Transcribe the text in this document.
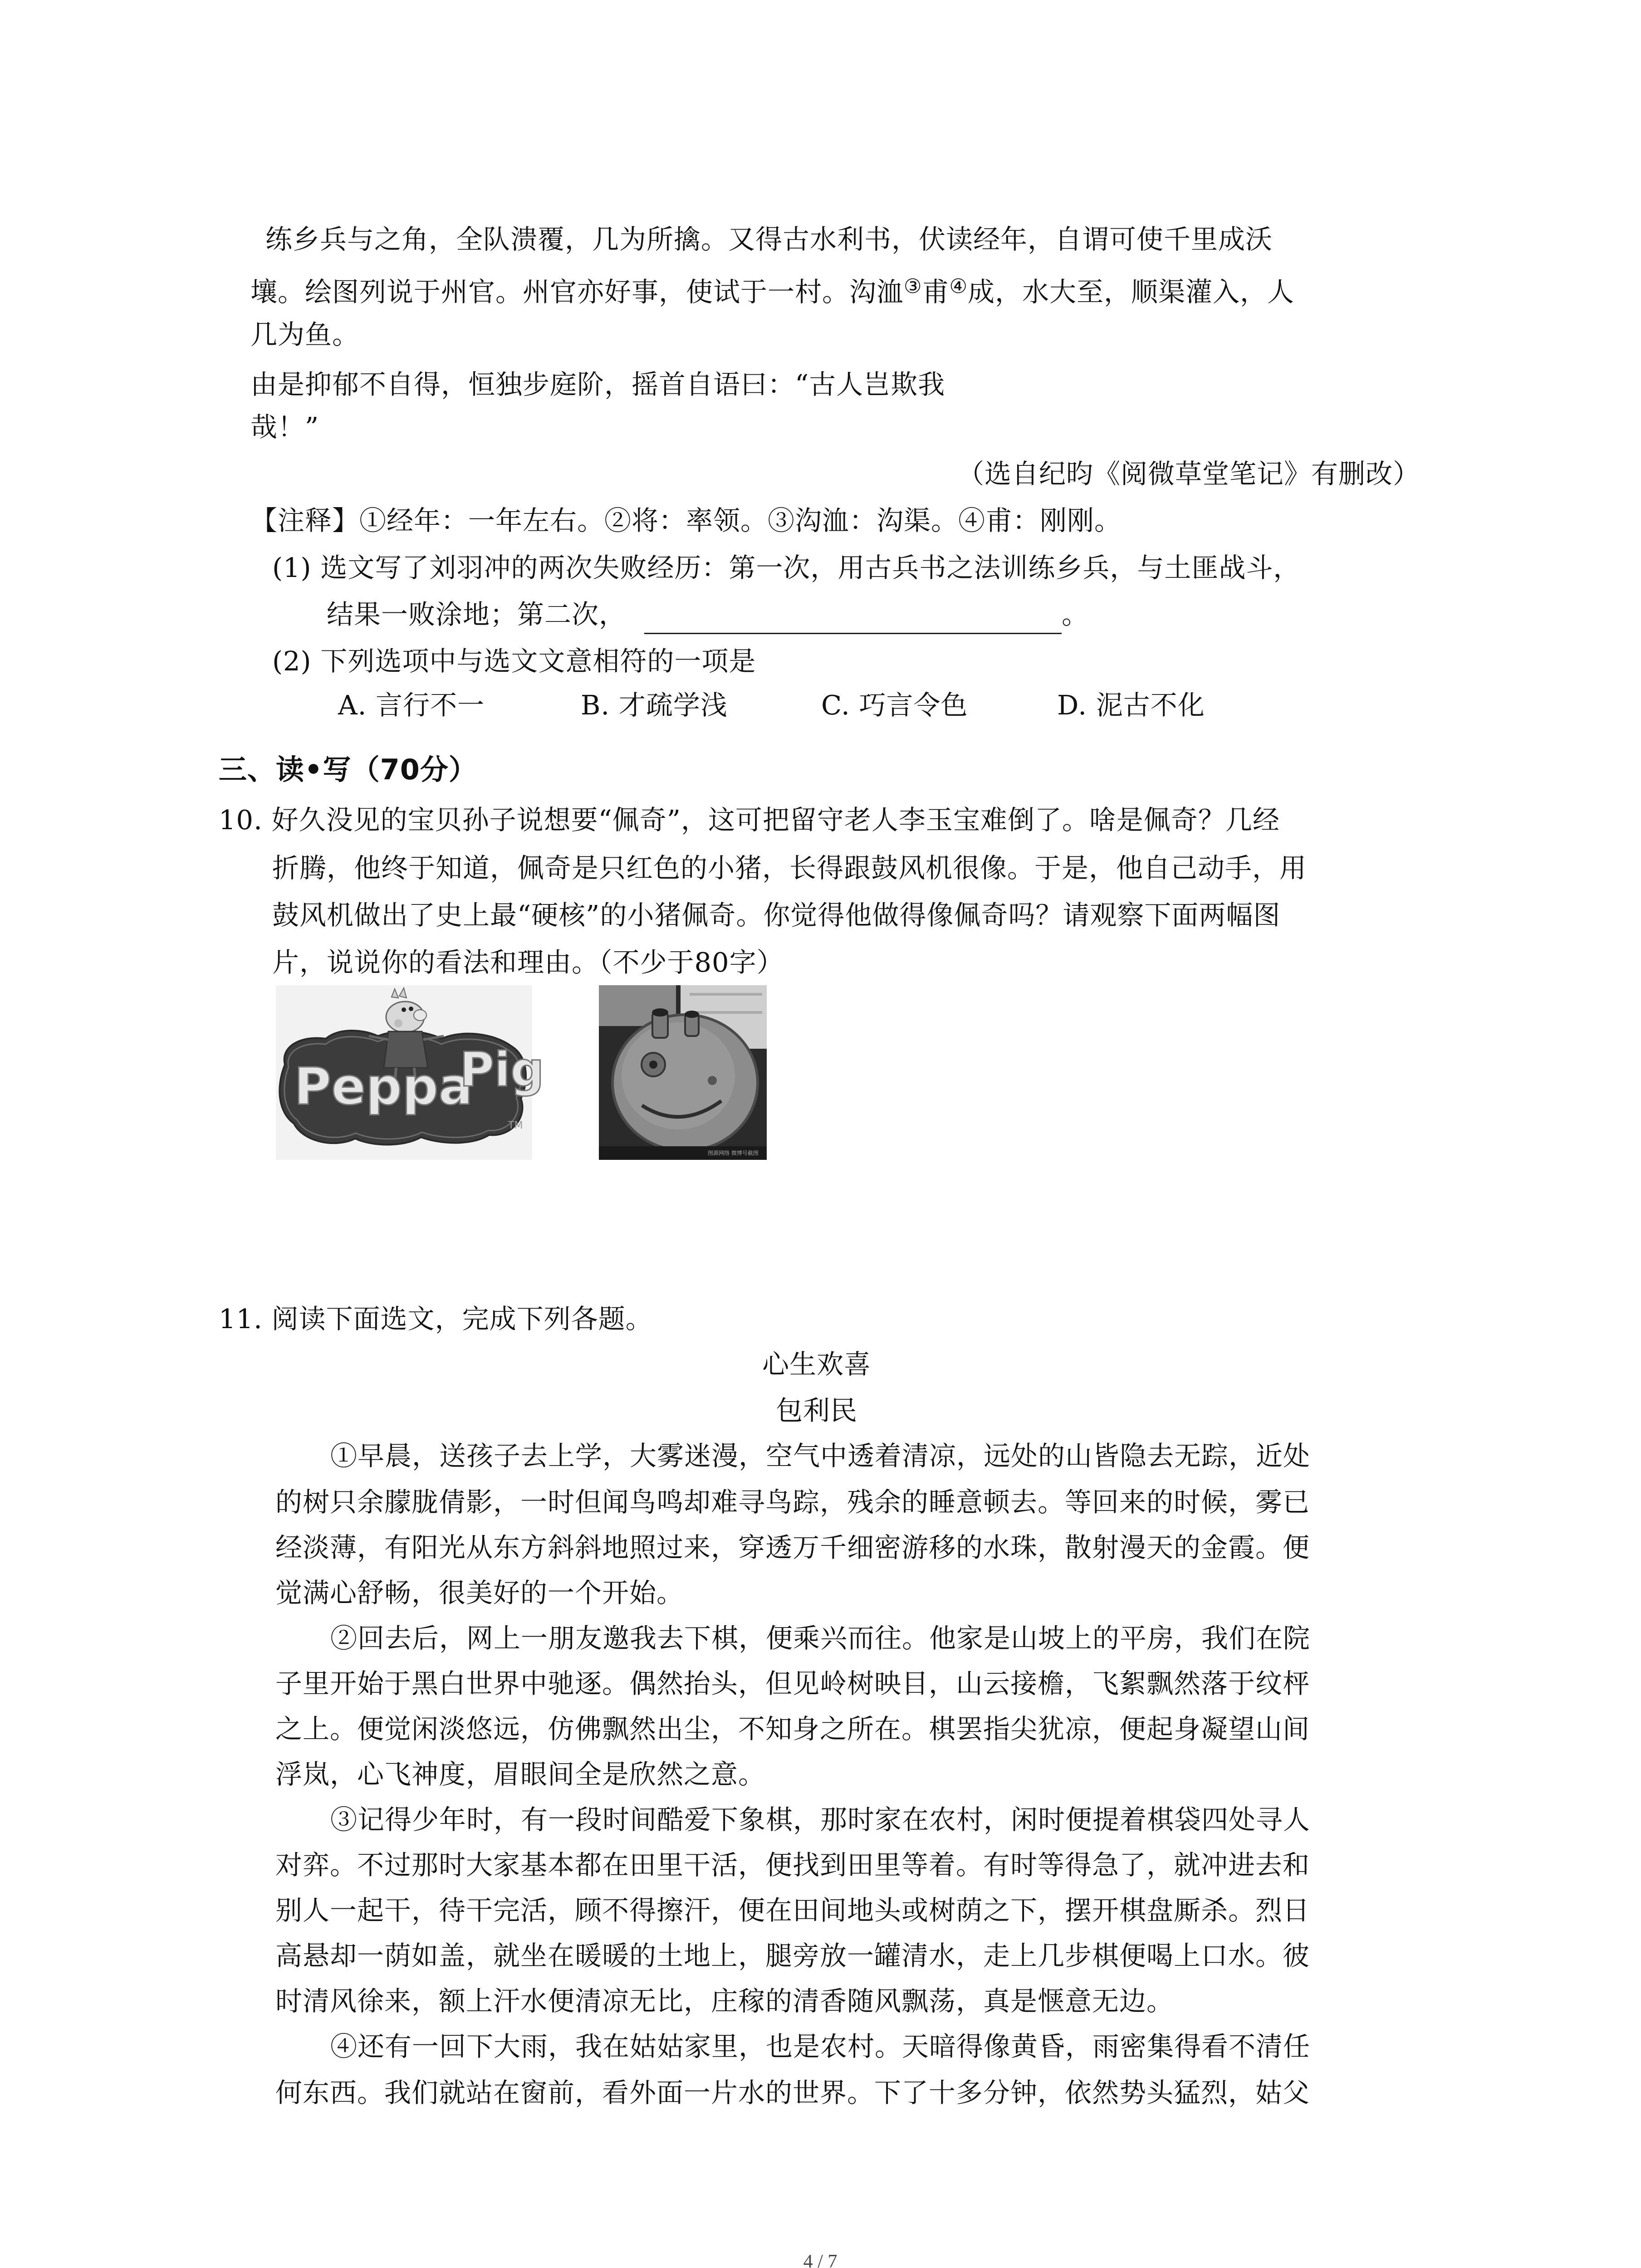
练乡兵与之角，全队溃覆，几为所擒。又得古水利书，伏读经年，自谓可使千里成沃
壤。绘图列说于州官。州官亦好事，使试于一村。沟洫③甫④成，水大至，顺渠灌入，人
几为鱼。
由是抑郁不自得，恒独步庭阶，摇首自语曰：“古人岂欺我
哉！”
（选自纪昀《阅微草堂笔记》有删改）
【注释】①经年：一年左右。②将：率领。③沟洫：沟渠。④甫：刚刚。
(1) 选文写了刘羽冲的两次失败经历：第一次，用古兵书之法训练乡兵，与土匪战斗，
结果一败涂地；第二次，	。
(2) 下列选项中与选文文意相符的一项是
A. 言行不一	B. 才疏学浅	C. 巧言令色	D. 泥古不化
三、读•写（70分）
10. 好久没见的宝贝孙子说想要“佩奇”，这可把留守老人李玉宝难倒了。啥是佩奇？几经
折腾，他终于知道，佩奇是只红色的小猪，长得跟鼓风机很像。于是，他自己动手，用
鼓风机做出了史上最“硬核”的小猪佩奇。你觉得他做得像佩奇吗？请观察下面两幅图
片，说说你的看法和理由。（不少于80字）
Peppa
Pig
TM
图源网络 微博号截图
11. 阅读下面选文，完成下列各题。
心生欢喜
包利民
①早晨，送孩子去上学，大雾迷漫，空气中透着清凉，远处的山皆隐去无踪，近处
的树只余朦胧倩影，一时但闻鸟鸣却难寻鸟踪，残余的睡意顿去。等回来的时候，雾已
经淡薄，有阳光从东方斜斜地照过来，穿透万千细密游移的水珠，散射漫天的金霞。便
觉满心舒畅，很美好的一个开始。
②回去后，网上一朋友邀我去下棋，便乘兴而往。他家是山坡上的平房，我们在院
子里开始于黑白世界中驰逐。偶然抬头，但见岭树映目，山云接檐，飞絮飘然落于纹枰
之上。便觉闲淡悠远，仿佛飘然出尘，不知身之所在。棋罢指尖犹凉，便起身凝望山间
浮岚，心飞神度，眉眼间全是欣然之意。
③记得少年时，有一段时间酷爱下象棋，那时家在农村，闲时便提着棋袋四处寻人
对弈。不过那时大家基本都在田里干活，便找到田里等着。有时等得急了，就冲进去和
别人一起干，待干完活，顾不得擦汗，便在田间地头或树荫之下，摆开棋盘厮杀。烈日
高悬却一荫如盖，就坐在暖暖的土地上，腿旁放一罐清水，走上几步棋便喝上口水。彼
时清风徐来，额上汗水便清凉无比，庄稼的清香随风飘荡，真是惬意无边。
④还有一回下大雨，我在姑姑家里，也是农村。天暗得像黄昏，雨密集得看不清任
何东西。我们就站在窗前，看外面一片水的世界。下了十多分钟，依然势头猛烈，姑父
4 / 7
